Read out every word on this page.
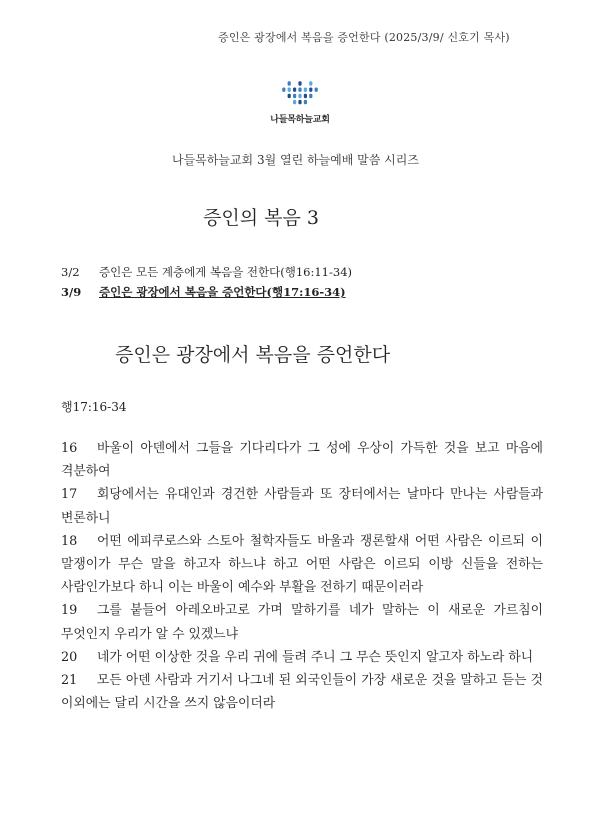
증인은 광장에서 복음을 증언한다 (2025/3/9/ 신호기 목사)
나들목하늘교회
나들목하늘교회 3월 열린 하늘예배 말씀 시리즈
증인의 복음 3
3/2 증인은 모든 계층에게 복음을 전한다(행16:11-34)
3/9 증인은 광장에서 복음을 증언한다(행17:16-34)
증인은 광장에서 복음을 증언한다
행17:16-34
16 바울이 아덴에서 그들을 기다리다가 그 성에 우상이 가득한 것을 보고 마음에 격분하여
17 회당에서는 유대인과 경건한 사람들과 또 장터에서는 날마다 만나는 사람들과 변론하니
18 어떤 에피쿠로스와 스토아 철학자들도 바울과 쟁론할새 어떤 사람은 이르되 이 말쟁이가 무슨 말을 하고자 하느냐 하고 어떤 사람은 이르되 이방 신들을 전하는 사람인가보다 하니 이는 바울이 예수와 부활을 전하기 때문이러라
19 그를 붙들어 아레오바고로 가며 말하기를 네가 말하는 이 새로운 가르침이 무엇인지 우리가 알 수 있겠느냐
20 네가 어떤 이상한 것을 우리 귀에 들려 주니 그 무슨 뜻인지 알고자 하노라 하니
21 모든 아덴 사람과 거기서 나그네 된 외국인들이 가장 새로운 것을 말하고 듣는 것 이외에는 달리 시간을 쓰지 않음이더라
